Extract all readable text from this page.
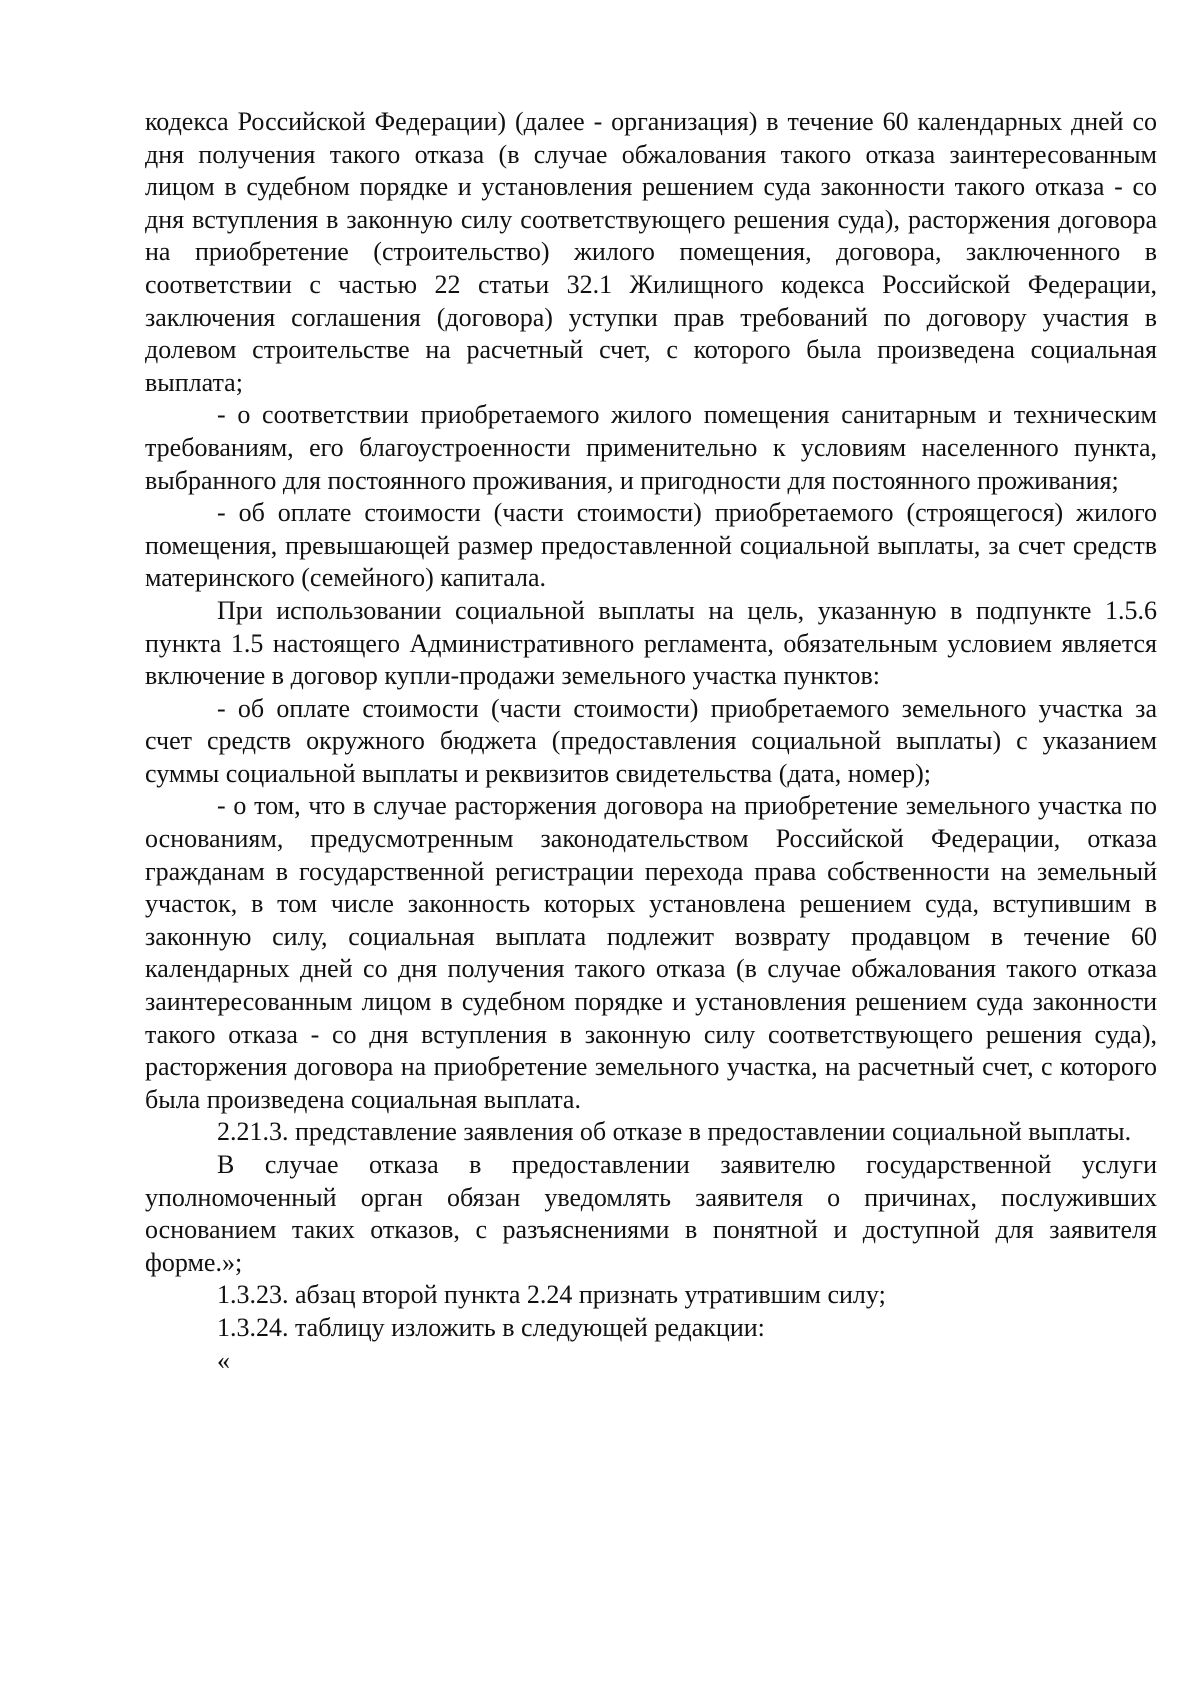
кодекса Российской Федерации) (далее - организация) в течение 60 календарных дней со дня получения такого отказа (в случае обжалования такого отказа заинтересованным лицом в судебном порядке и установления решением суда законности такого отказа - со дня вступления в законную силу соответствующего решения суда), расторжения договора на приобретение (строительство) жилого помещения, договора, заключенного в соответствии с частью 22 статьи 32.1 Жилищного кодекса Российской Федерации, заключения соглашения (договора) уступки прав требований по договору участия в долевом строительстве на расчетный счет, с которого была произведена социальная выплата;

- о соответствии приобретаемого жилого помещения санитарным и техническим требованиям, его благоустроенности применительно к условиям населенного пункта, выбранного для постоянного проживания, и пригодности для постоянного проживания;

- об оплате стоимости (части стоимости) приобретаемого (строящегося) жилого помещения, превышающей размер предоставленной социальной выплаты, за счет средств материнского (семейного) капитала.

При использовании социальной выплаты на цель, указанную в подпункте 1.5.6 пункта 1.5 настоящего Административного регламента, обязательным условием является включение в договор купли-продажи земельного участка пунктов:

- об оплате стоимости (части стоимости) приобретаемого земельного участка за счет средств окружного бюджета (предоставления социальной выплаты) с указанием суммы социальной выплаты и реквизитов свидетельства (дата, номер);

- о том, что в случае расторжения договора на приобретение земельного участка по основаниям, предусмотренным законодательством Российской Федерации, отказа гражданам в государственной регистрации перехода права собственности на земельный участок, в том числе законность которых установлена решением суда, вступившим в законную силу, социальная выплата подлежит возврату продавцом в течение 60 календарных дней со дня получения такого отказа (в случае обжалования такого отказа заинтересованным лицом в судебном порядке и установления решением суда законности такого отказа - со дня вступления в законную силу соответствующего решения суда), расторжения договора на приобретение земельного участка, на расчетный счет, с которого была произведена социальная выплата.

2.21.3. представление заявления об отказе в предоставлении социальной выплаты.

В случае отказа в предоставлении заявителю государственной услуги уполномоченный орган обязан уведомлять заявителя о причинах, послуживших основанием таких отказов, с разъяснениями в понятной и доступной для заявителя форме.»;

1.3.23. абзац второй пункта 2.24 признать утратившим силу;

1.3.24. таблицу изложить в следующей редакции:

«
